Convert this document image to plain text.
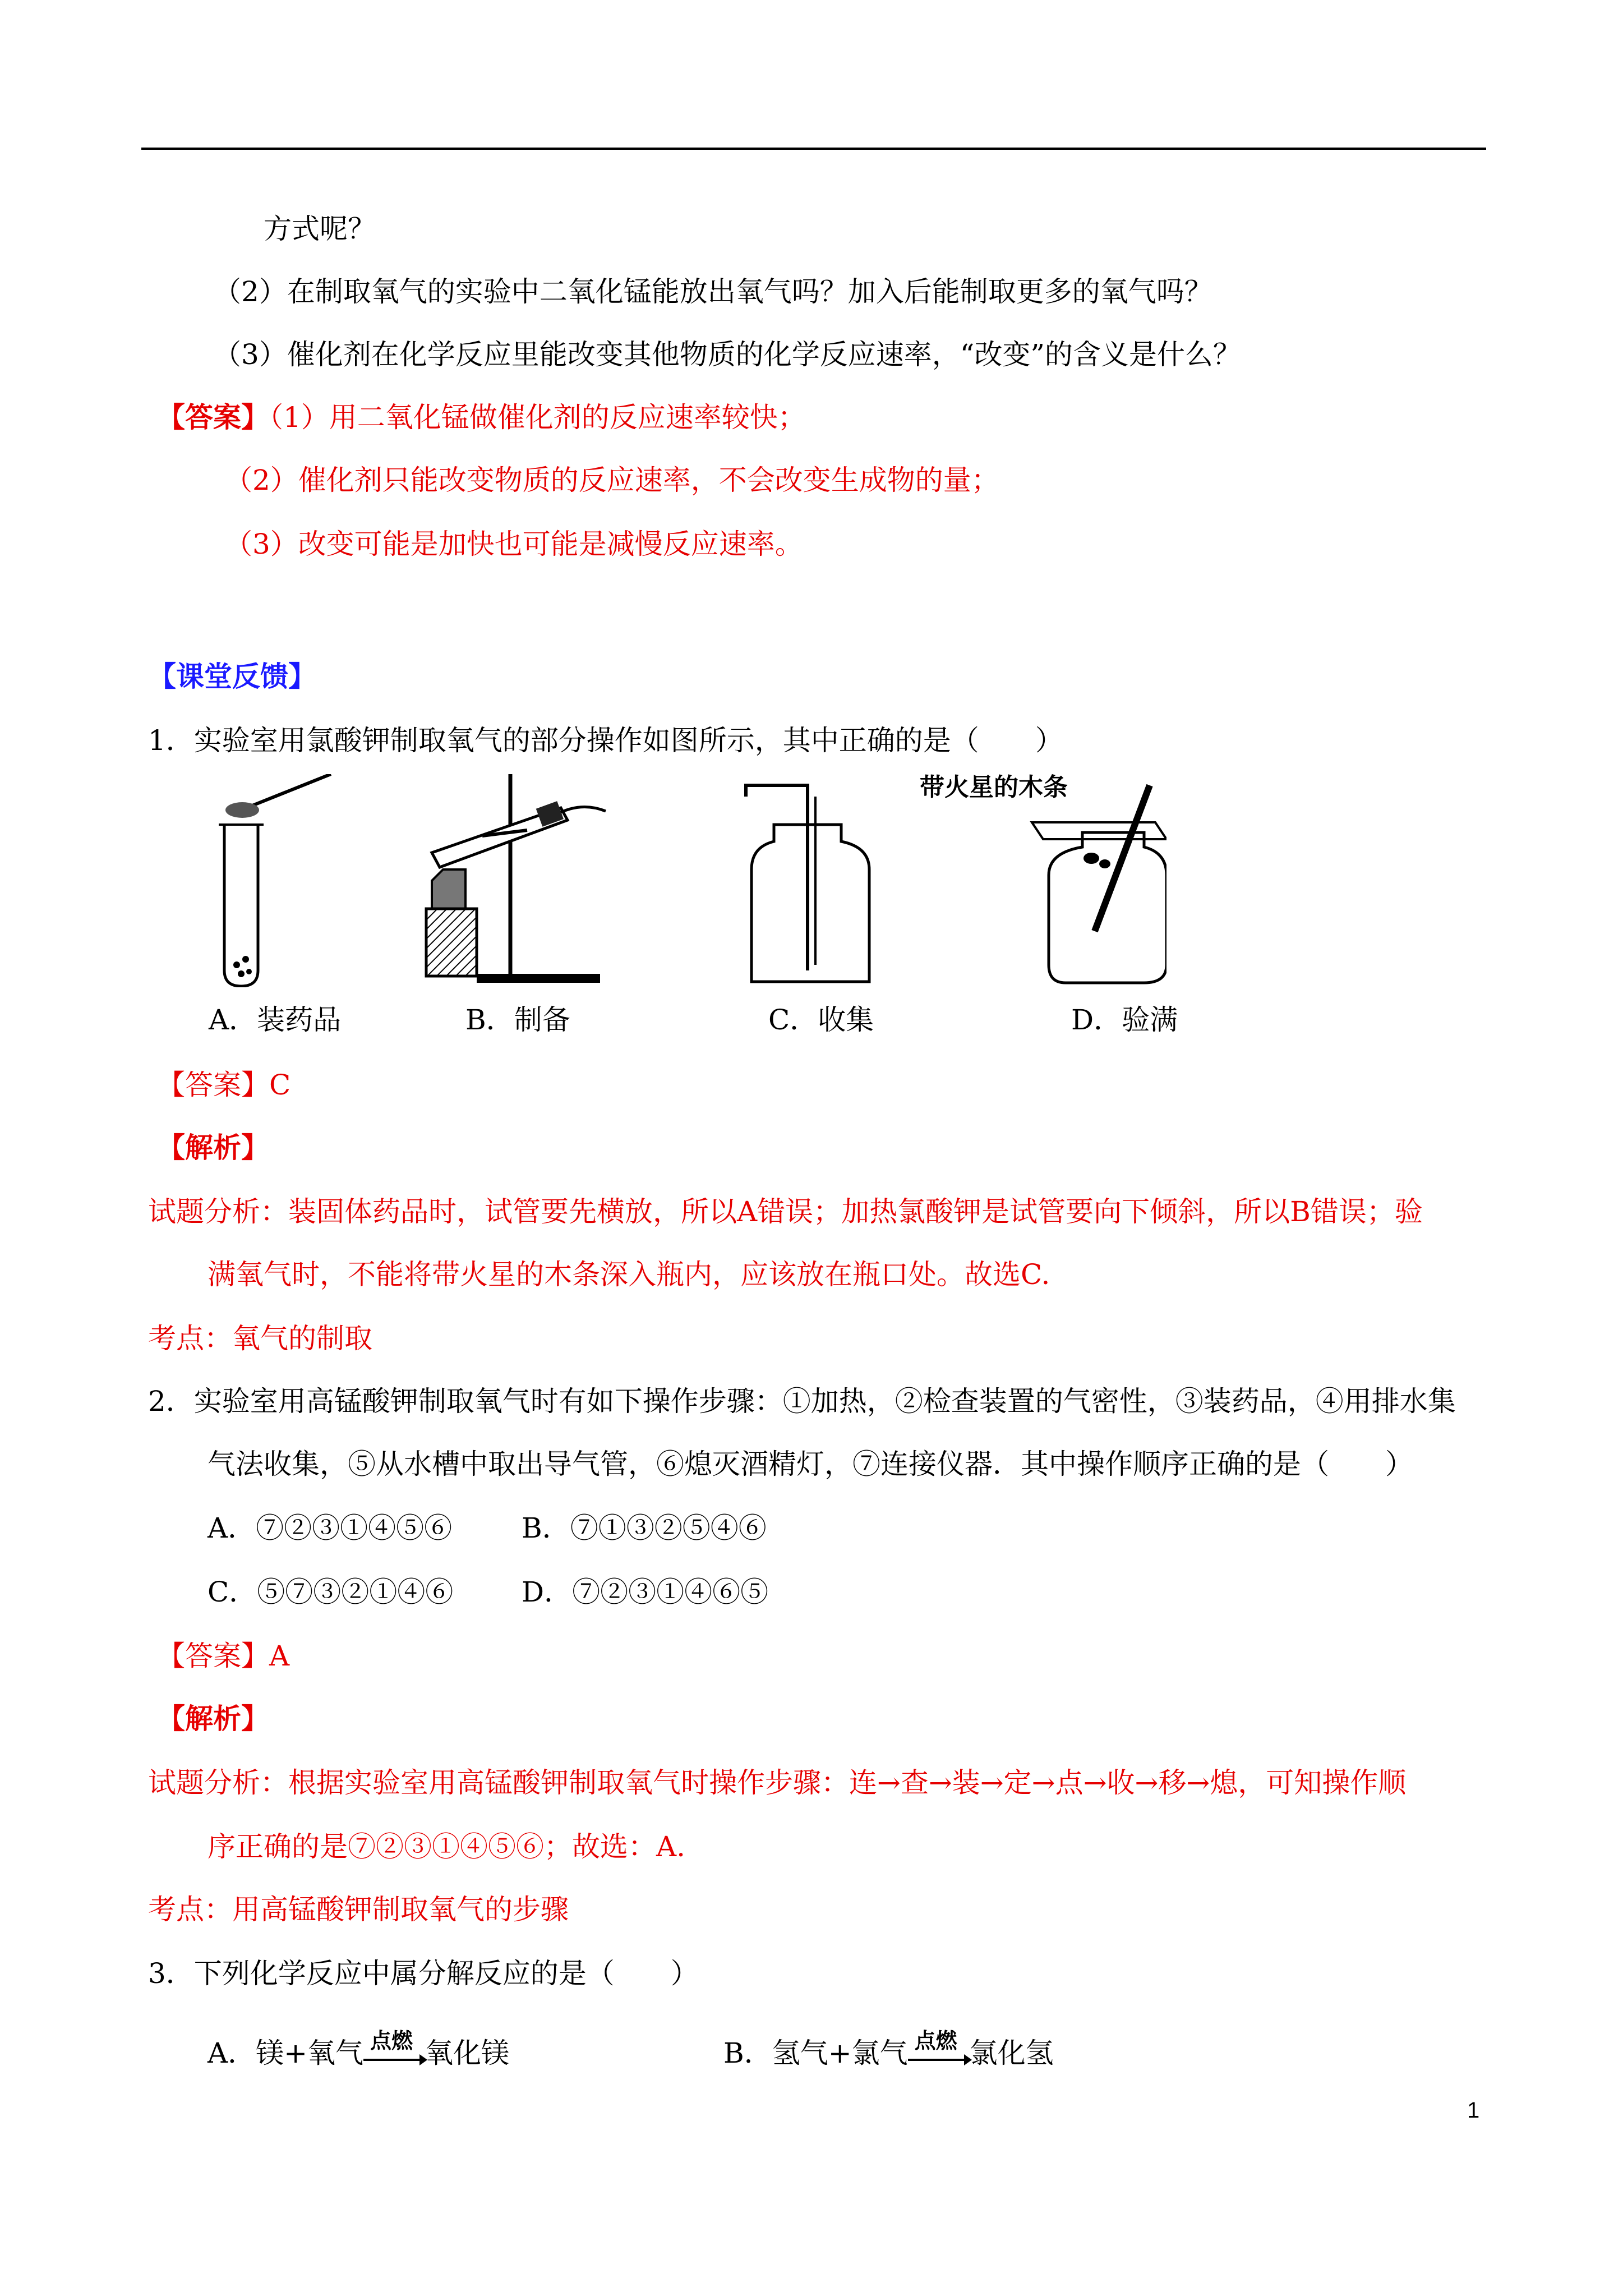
方式呢？
（2）在制取氧气的实验中二氧化锰能放出氧气吗？加入后能制取更多的氧气吗？
（3）催化剂在化学反应里能改变其他物质的化学反应速率，“改变”的含义是什么？
【答案】（1）用二氧化锰做催化剂的反应速率较快；
（2）催化剂只能改变物质的反应速率，不会改变生成物的量；
（3）改变可能是加快也可能是减慢反应速率。
【课堂反馈】
1．实验室用氯酸钾制取氧气的部分操作如图所示，其中正确的是（　　）
带火星的木条
A．装药品	B．制备	C．收集	D．验满
【答案】C
【解析】
试题分析：装固体药品时，试管要先横放，所以A错误；加热氯酸钾是试管要向下倾斜，所以B错误；验
满氧气时，不能将带火星的木条深入瓶内，应该放在瓶口处。故选C.
考点：氧气的制取
2．实验室用高锰酸钾制取氧气时有如下操作步骤：①加热，②检查装置的气密性，③装药品，④用排水集
气法收集，⑤从水槽中取出导气管，⑥熄灭酒精灯，⑦连接仪器．其中操作顺序正确的是（　　）
A．⑦②③①④⑤⑥ B．⑦①③②⑤④⑥
C．⑤⑦③②①④⑥ D．⑦②③①④⑥⑤
【答案】A
【解析】
试题分析：根据实验室用高锰酸钾制取氧气时操作步骤：连→查→装→定→点→收→移→熄，可知操作顺
序正确的是⑦②③①④⑤⑥；故选：A.
考点：用高锰酸钾制取氧气的步骤
3．下列化学反应中属分解反应的是（　　）
A．镁+氧气 点燃 氧化镁	B．氢气+氯气 点燃 氯化氢
1
